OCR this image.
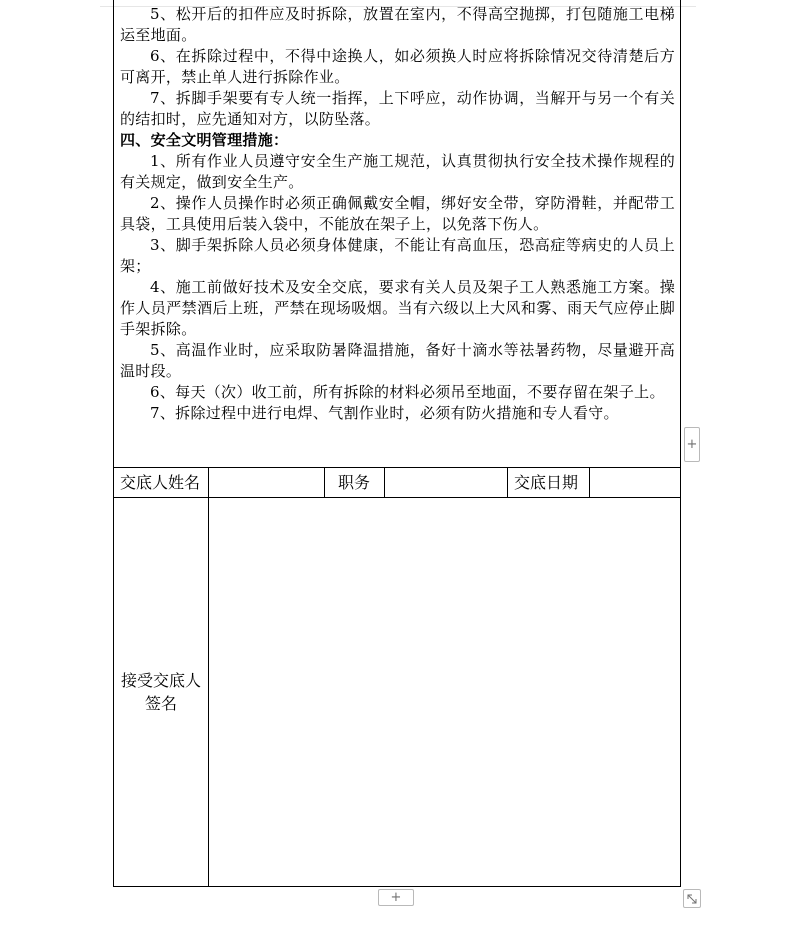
5、松开后的扣件应及时拆除，放置在室内，不得高空抛掷，打包随施工电梯运至地面。

6、在拆除过程中，不得中途换人，如必须换人时应将拆除情况交待清楚后方可离开，禁止单人进行拆除作业。

7、拆脚手架要有专人统一指挥，上下呼应，动作协调，当解开与另一个有关的结扣时，应先通知对方，以防坠落。

四、安全文明管理措施：

1、所有作业人员遵守安全生产施工规范，认真贯彻执行安全技术操作规程的有关规定，做到安全生产。

2、操作人员操作时必须正确佩戴安全帽，绑好安全带，穿防滑鞋，并配带工具袋，工具使用后装入袋中，不能放在架子上，以免落下伤人。

3、脚手架拆除人员必须身体健康，不能让有高血压，恐高症等病史的人员上架；

4、施工前做好技术及安全交底，要求有关人员及架子工人熟悉施工方案。操作人员严禁酒后上班，严禁在现场吸烟。当有六级以上大风和雾、雨天气应停止脚手架拆除。

5、高温作业时，应采取防暑降温措施，备好十滴水等祛暑药物，尽量避开高温时段。

6、每天（次）收工前，所有拆除的材料必须吊至地面，不要存留在架子上。

7、拆除过程中进行电焊、气割作业时，必须有防火措施和专人看守。

交底人姓名	职务	交底日期
接受交底人
签名
+
+
